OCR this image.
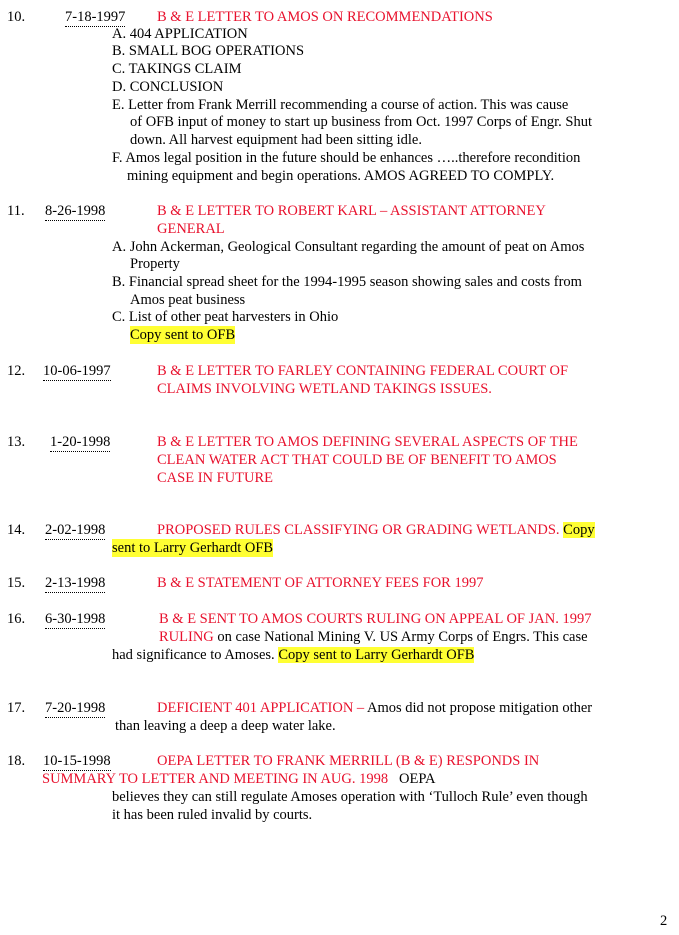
10.	7-18-1997 B & E LETTER TO AMOS ON RECOMMENDATIONS
A. 404 APPLICATION
B. SMALL BOG OPERATIONS
C. TAKINGS CLAIM
D. CONCLUSION
E. Letter from Frank Merrill recommending a course of action. This was cause
of OFB input of money to start up business from Oct. 1997 Corps of Engr. Shut
down. All harvest equipment had been sitting idle.
F. Amos legal position in the future should be enhances …..therefore recondition
mining equipment and begin operations. AMOS AGREED TO COMPLY.
11. 8-26-1998	B & E LETTER TO ROBERT KARL – ASSISTANT ATTORNEY
GENERAL
A. John Ackerman, Geological Consultant regarding the amount of peat on Amos
Property
B. Financial spread sheet for the 1994-1995 season showing sales and costs from
Amos peat business
C. List of other peat harvesters in Ohio
Copy sent to OFB
12. 10-06-1997	B & E LETTER TO FARLEY CONTAINING FEDERAL COURT OF
CLAIMS INVOLVING WETLAND TAKINGS ISSUES.
13. 1-20-1998	B & E LETTER TO AMOS DEFINING SEVERAL ASPECTS OF THE
CLEAN WATER ACT THAT COULD BE OF BENEFIT TO AMOS
CASE IN FUTURE
14. 2-02-1998	PROPOSED RULES CLASSIFYING OR GRADING WETLANDS. Copy
sent to Larry Gerhardt OFB
15. 2-13-1998	B & E STATEMENT OF ATTORNEY FEES FOR 1997
16. 6-30-1998	B & E SENT TO AMOS COURTS RULING ON APPEAL OF JAN. 1997
RULING on case National Mining V. US Army Corps of Engrs. This case
had significance to Amoses. Copy sent to Larry Gerhardt OFB
17. 7-20-1998	DEFICIENT 401 APPLICATION – Amos did not propose mitigation other
than leaving a deep a deep water lake.
18. 10-15-1998	OEPA LETTER TO FRANK MERRILL (B & E) RESPONDS IN
SUMMARY TO LETTER AND MEETING IN AUG. 1998   OEPA
believes they can still regulate Amoses operation with ‘Tulloch Rule’ even though
it has been ruled invalid by courts.
2
